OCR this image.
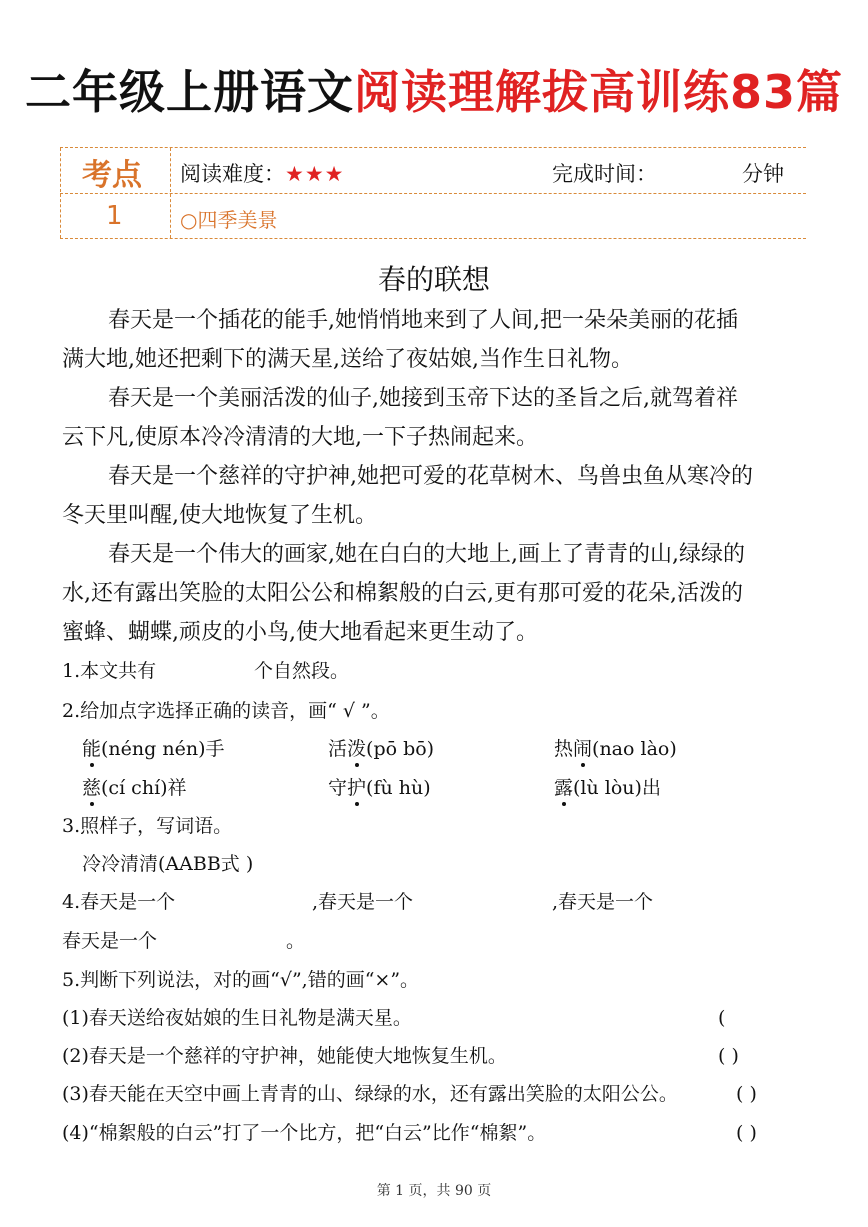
二年级上册语文阅读理解拔高训练83篇
考点 阅读难度：★★★	完成时间：	分钟
1	○四季美景
春的联想
春天是一个插花的能手,她悄悄地来到了人间,把一朵朵美丽的花插
满大地,她还把剩下的满天星,送给了夜姑娘,当作生日礼物。
春天是一个美丽活泼的仙子,她接到玉帝下达的圣旨之后,就驾着祥
云下凡,使原本冷冷清清的大地,一下子热闹起来。
春天是一个慈祥的守护神,她把可爱的花草树木、鸟兽虫鱼从寒冷的
冬天里叫醒,使大地恢复了生机。
春天是一个伟大的画家,她在白白的大地上,画上了青青的山,绿绿的
水,还有露出笑脸的太阳公公和棉絮般的白云,更有那可爱的花朵,活泼的
蜜蜂、蝴蝶,顽皮的小鸟,使大地看起来更生动了。
1.本文共有	个自然段。
2.给加点字选择正确的读音，画“ √ ”。
能(néng nén)手	活泼(pō bō)	热闹(nao lào)
慈(cí chí)祥	守护(fù hù)	露(lù lòu)出
3.照样子，写词语。
冷冷清清(AABB式 )
4.春天是一个	,春天是一个	,春天是一个
春天是一个	。
5.判断下列说法，对的画“√”,错的画“×”。
(1)春天送给夜姑娘的生日礼物是满天星。	(
(2)春天是一个慈祥的守护神，她能使大地恢复生机。	( )
(3)春天能在天空中画上青青的山、绿绿的水，还有露出笑脸的太阳公公。	( )
(4)“棉絮般的白云”打了一个比方，把“白云”比作“棉絮”。	( )
第 1 页，共 90 页
